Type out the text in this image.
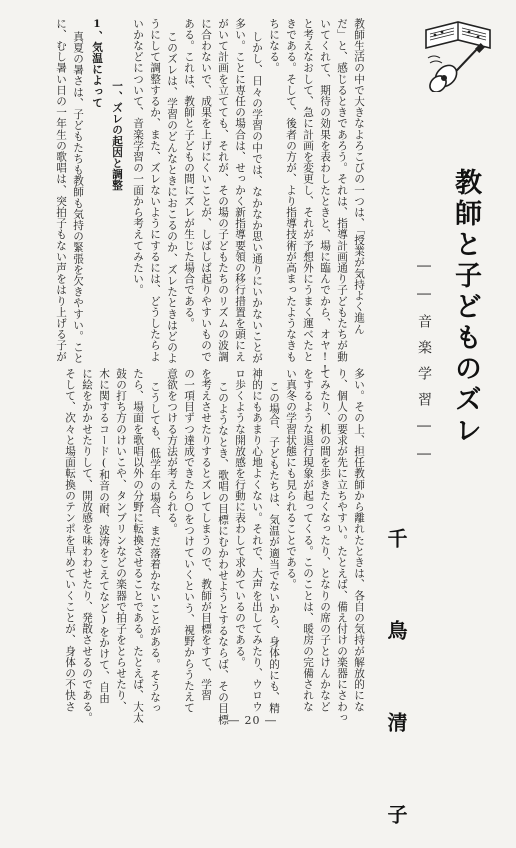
教師と子どものズレ
――音楽学習――
千 鳥 清 子
教師生活の中で大きなよろこびの一つは、「授業が気持よく進ん
だ」と、感じるときであろう。それは、指導計画通り子どもたちが動
いてくれて、期待の効果を表わしたときと、場に臨んでから、オヤ!!
と考えなおして、急に計画を変更し、それが予想外にうまく運べたと
きである。そして、後者の方が、より指導技術が高まったようなきも
ちになる。
しかし、日々の学習の中では、なかなか思い通りにいかないことが
多い。ことに専任の場合は、せっかく新指導要領の移行措置を頭にえ
がいて計画を立てても、それが、その場の子どもたちのリズムの波調
に合わないで、成果を上げにくいことが、しばしば起りやすいもので
ある。これは、教師と子どもの間にズレが生じた場合である。
このズレは、学習のどんなときにおこるのか、ズレたときはどのよ
うにして調整するか、また、ズレないようにするには、どうしたらよ
いかなどについて、音楽学習の一面から考えてみたい。
一、ズレの起因と調整
1、気温によって
真夏の暑さは、子どもたちも教師も気持の緊張を欠きやすい。こと
に、むし暑い日の一年生の歌唱は、突拍子もない声をはり上げる子が
多い。その上、担任教師から離れたときは、各自の気持が解放的にな
り、個人の要求が先に立ちやすい。たとえば、備え付けの楽器にさわっ
てみたり、机の間を歩きたくなったり、となりの席の子とけんかなど
をするような退行現象が起ってくる。このことは、暖房の完備されな
い真冬の学習状態にも見られることである。
この場合、子どもたちは、気温が適当でないから、身体的にも、精
神的にもあまり心地よくない。それで、大声を出してみたり、ウロウ
ロ歩くような開放感を行動に表わして求めているのである。
このようなとき、歌唱の目標にむかわせようとするならば、その目標
を考えさせたりするとズレてしまうので、教師が目標をすて、学習
の一項目ずつ達成できたら○をつけていくという、視野からうたえて
意欲をつける方法が考えられる。
こうしても、低学年の場合、まだ落着かないことがある。そうなっ
たら、場面を歌唱以外の分野に転換させることである。たとえば、大太
鼓の打ち方のけいこや、タンブリンなどの楽器で拍子をとらせたり、
木に関するコード(和音の耐、波涛をこえてなど)をかけて、自由
に絵をかかせたりして、開放感を味わわせたり、発散させるのである。
そして、次々と場面転換のテンポを早めていくことが、身体の不快さ
― 20 ―
